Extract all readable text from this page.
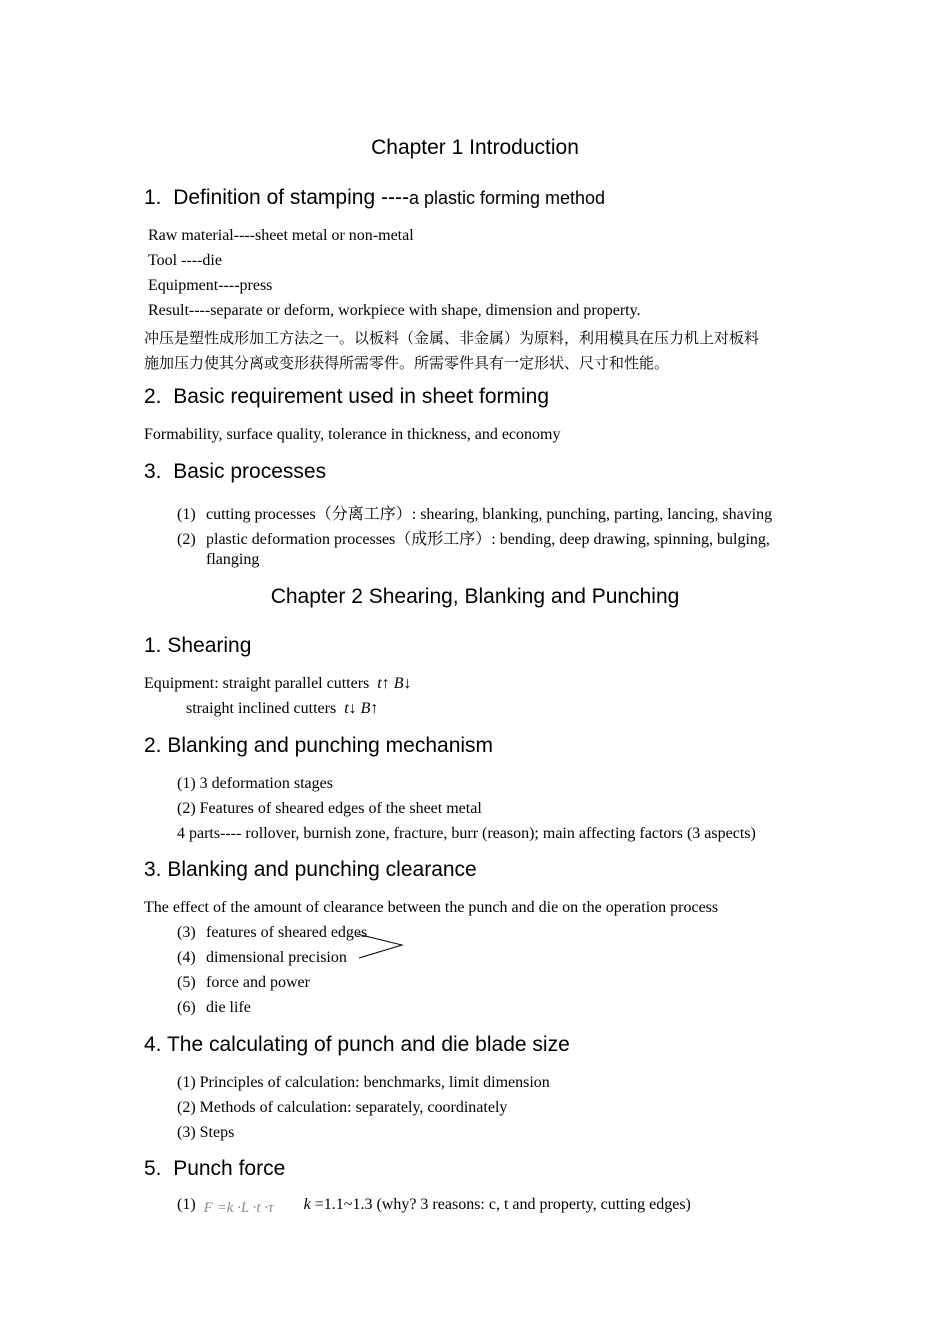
Chapter 1 Introduction
1. Definition of stamping ----a plastic forming method
Raw material----sheet metal or non-metal
Tool ----die
Equipment----press
Result----separate or deform, workpiece with shape, dimension and property.
冲压是塑性成形加工方法之一。以板料（金属、非金属）为原料，利用模具在压力机上对板料
施加压力使其分离或变形获得所需零件。所需零件具有一定形状、尺寸和性能。
2. Basic requirement used in sheet forming
Formability, surface quality, tolerance in thickness, and economy
3. Basic processes
(1) cutting processes（分离工序）: shearing, blanking, punching, parting, lancing, shaving
(2) plastic deformation processes（成形工序）: bending, deep drawing, spinning, bulging,
flanging
Chapter 2 Shearing, Blanking and Punching
1. Shearing
Equipment: straight parallel cutters t↑ B↓
straight inclined cutters t↓ B↑
2. Blanking and punching mechanism
(1) 3 deformation stages
(2) Features of sheared edges of the sheet metal
4 parts---- rollover, burnish zone, fracture, burr (reason); main affecting factors (3 aspects)
3. Blanking and punching clearance
The effect of the amount of clearance between the punch and die on the operation process
(3) features of sheared edges
(4) dimensional precision
(5) force and power
(6) die life
4. The calculating of punch and die blade size
(1) Principles of calculation: benchmarks, limit dimension
(2) Methods of calculation: separately, coordinately
(3) Steps
5. Punch force
(1) F =k ·L ·t ·τ k =1.1~1.3 (why? 3 reasons: c, t and property, cutting edges)
